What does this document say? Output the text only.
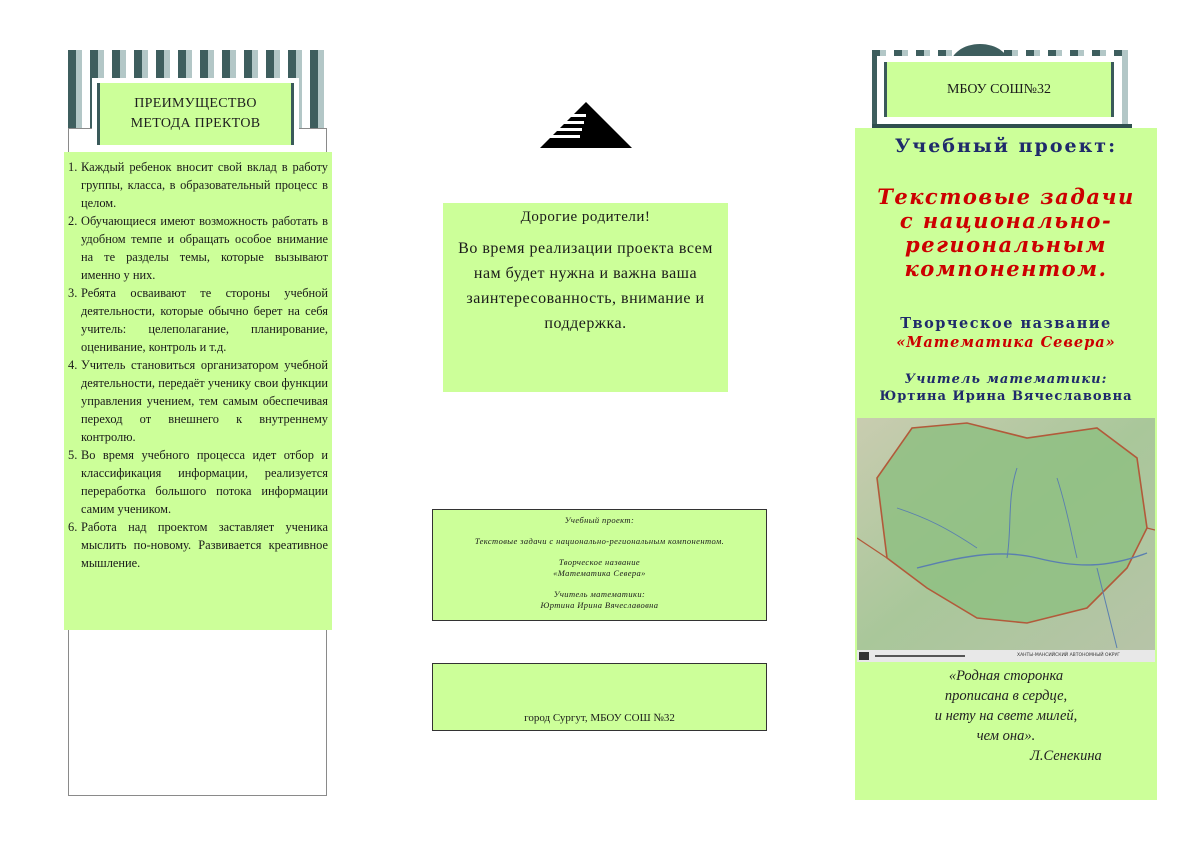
ПРЕИМУЩЕСТВО
МЕТОДА ПРЕКТОВ
1. Каждый ребенок вносит свой вклад в работу группы, класса, в образовательный процесс в целом.
2. Обучающиеся имеют возможность работать в удобном темпе и обращать особое внимание на те разделы темы, которые вызывают именно у них.
3. Ребята осваивают те стороны учебной деятельности, которые обычно берет на себя учитель: целеполагание, планирование, оценивание, контроль и т.д.
4. Учитель становиться организатором учебной деятельности, передаёт ученику свои функции управления учением, тем самым обеспечивая переход от внешнего к внутреннему контролю.
5. Во время учебного процесса идет отбор и классификация информации, реализуется переработка большого потока информации самим учеником.
6. Работа над проектом заставляет ученика мыслить по-новому. Развивается креативное мышление.
Дорогие родители!
Во время реализации проекта всем нам будет нужна и важна ваша заинтересованность, внимание и поддержка.

Учебный проект:

Текстовые задачи с национально-региональным компонентом.

Творческое название

«Математика Севера»

Учитель математики:

Юртина Ирина Вячеславовна

город Сургут, МБОУ СОШ №32
МБОУ СОШ№32
Учебный проект:
Текстовые задачи
с национально-
региональным
компонентом.
Творческое название
«Математика Севера»
Учитель математики:
Юртина Ирина Вячеславовна
ХАНТЫ-МАНСИЙСКИЙ АВТОНОМНЫЙ ОКРУГ
«Родная сторонка
прописана в сердце,
и нету на свете милей,
чем она».
Л.Сенекина
